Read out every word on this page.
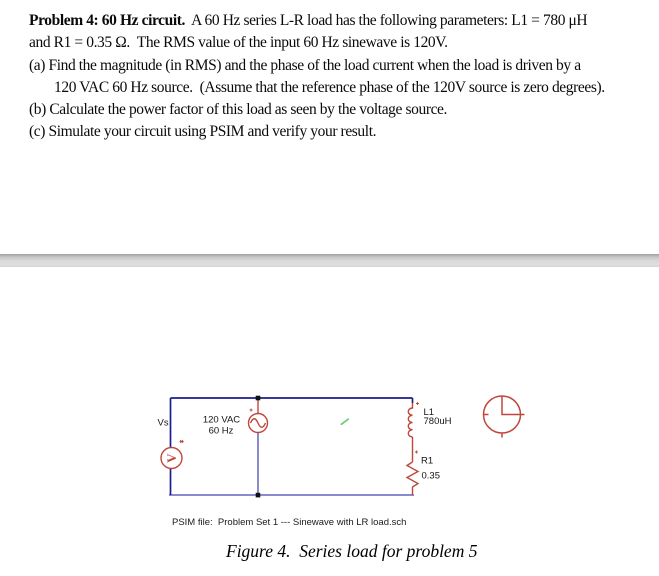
Problem 4: 60 Hz circuit.  A 60 Hz series L-R load has the following parameters: L1 = 780 μH
and R1 = 0.35 Ω.  The RMS value of the input 60 Hz sinewave is 120V.
(a) Find the magnitude (in RMS) and the phase of the load current when the load is driven by a
120 VAC 60 Hz source.  (Assume that the reference phase of the 120V source is zero degrees).
(b) Calculate the power factor of this load as seen by the voltage source.
(c) Simulate your circuit using PSIM and verify your result.
V
Vs	120 VAC
60 Hz
L1
780uH
R1
0.35
PSIM file:  Problem Set 1 --- Sinewave with LR load.sch
Figure 4.  Series load for problem 5
